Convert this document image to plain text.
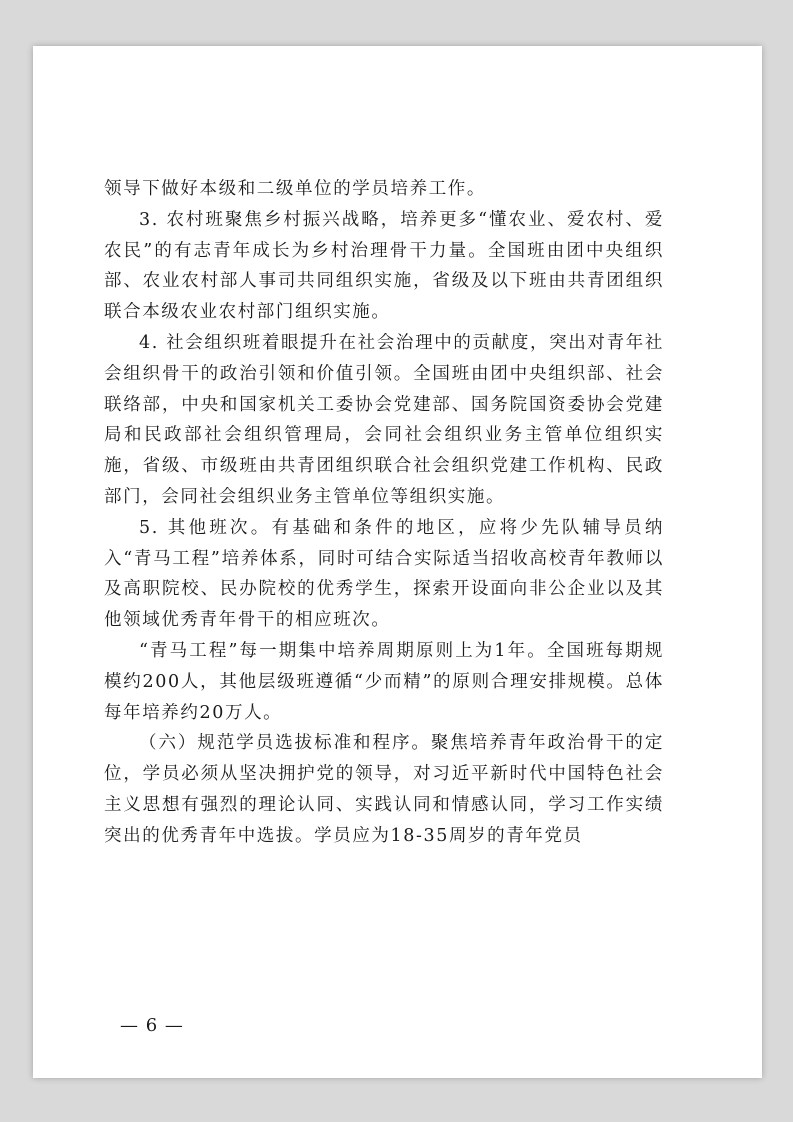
领导下做好本级和二级单位的学员培养工作。

3. 农村班聚焦乡村振兴战略，培养更多“懂农业、爱农村、爱农民”的有志青年成长为乡村治理骨干力量。全国班由团中央组织部、农业农村部人事司共同组织实施，省级及以下班由共青团组织联合本级农业农村部门组织实施。

4. 社会组织班着眼提升在社会治理中的贡献度，突出对青年社会组织骨干的政治引领和价值引领。全国班由团中央组织部、社会联络部，中央和国家机关工委协会党建部、国务院国资委协会党建局和民政部社会组织管理局，会同社会组织业务主管单位组织实施，省级、市级班由共青团组织联合社会组织党建工作机构、民政部门，会同社会组织业务主管单位等组织实施。

5. 其他班次。有基础和条件的地区，应将少先队辅导员纳入“青马工程”培养体系，同时可结合实际适当招收高校青年教师以及高职院校、民办院校的优秀学生，探索开设面向非公企业以及其他领域优秀青年骨干的相应班次。

“青马工程”每一期集中培养周期原则上为1年。全国班每期规模约200人，其他层级班遵循“少而精”的原则合理安排规模。总体每年培养约20万人。

（六）规范学员选拔标准和程序。聚焦培养青年政治骨干的定位，学员必须从坚决拥护党的领导，对习近平新时代中国特色社会主义思想有强烈的理论认同、实践认同和情感认同，学习工作实绩突出的优秀青年中选拔。学员应为18-35周岁的青年党员

— 6 —
